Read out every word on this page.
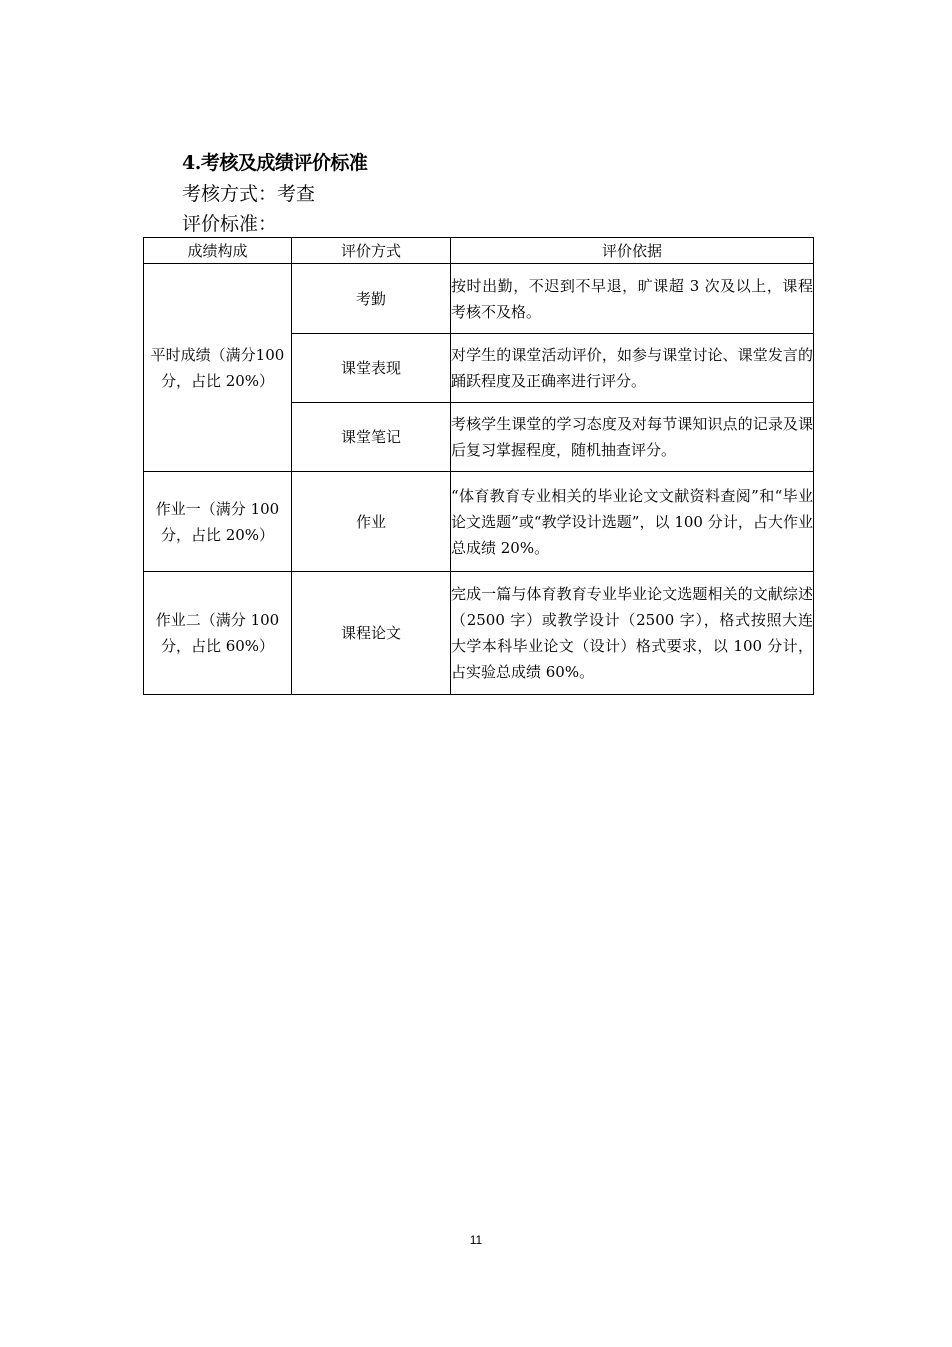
4.考核及成绩评价标准
考核方式：考查
评价标准：
成绩构成	评价方式	评价依据
平时成绩（满分100 分，占比 20%）	考勤	按时出勤，不迟到不早退，旷课超 3 次及以上，课程考核不及格。
	课堂表现	对学生的课堂活动评价，如参与课堂讨论、课堂发言的踊跃程度及正确率进行评分。
	课堂笔记	考核学生课堂的学习态度及对每节课知识点的记录及课后复习掌握程度，随机抽查评分。
作业一（满分 100 分，占比 20%）	作业	“体育教育专业相关的毕业论文文献资料查阅”和“毕业论文选题”或“教学设计选题”，以 100 分计，占大作业总成绩 20%。
作业二（满分 100 分，占比 60%）	课程论文	完成一篇与体育教育专业毕业论文选题相关的文献综述（2500 字）或教学设计（2500 字），格式按照大连大学本科毕业论文（设计）格式要求，以 100 分计，占实验总成绩 60%。
11
